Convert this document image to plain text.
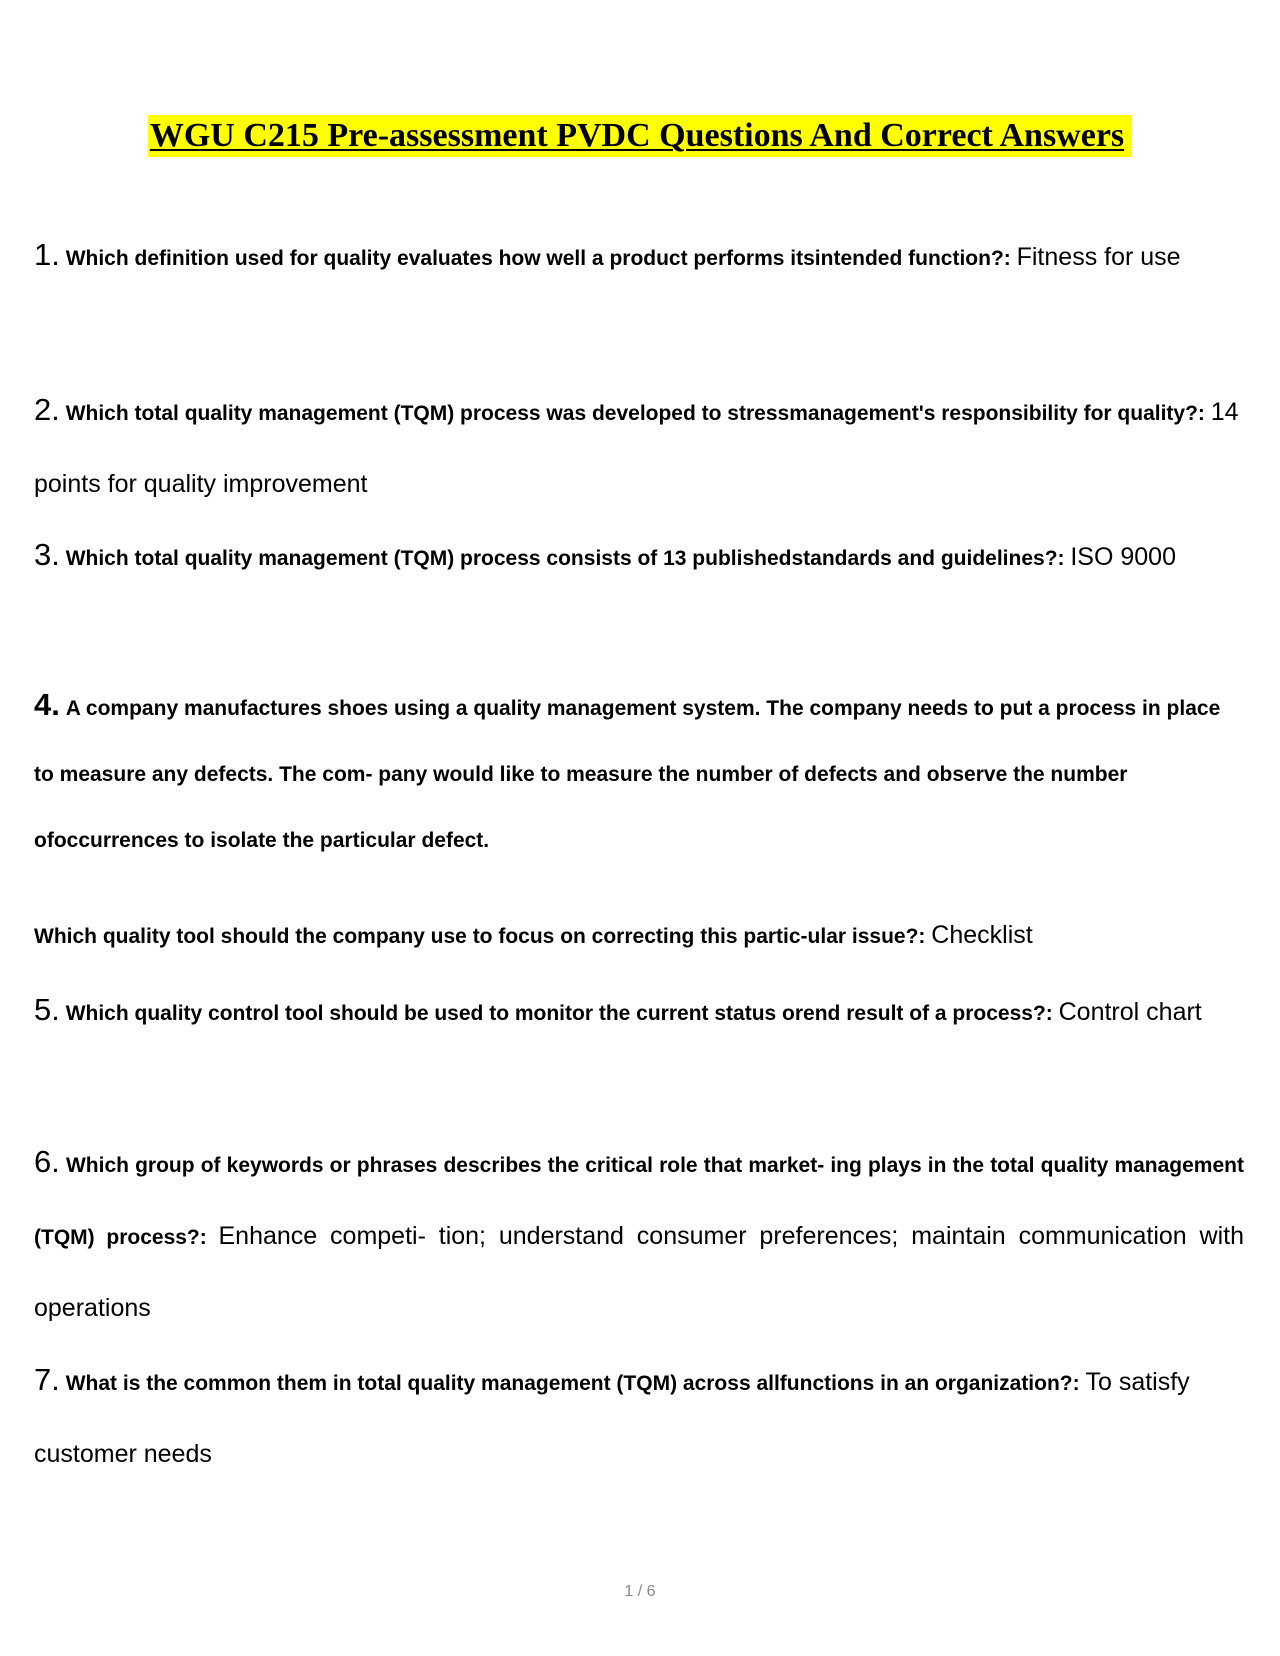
WGU C215 Pre-assessment PVDC Questions And Correct Answers
1. Which definition used for quality evaluates how well a product performs itsintended function?: Fitness for use
2. Which total quality management (TQM) process was developed to stressmanagement's responsibility for quality?: 14 points for quality improvement
3. Which total quality management (TQM) process consists of 13 publishedstandards and guidelines?: ISO 9000
4. A company manufactures shoes using a quality management system. The company needs to put a process in place to measure any defects. The com- pany would like to measure the number of defects and observe the number ofoccurrences to isolate the particular defect.
Which quality tool should the company use to focus on correcting this partic-ular issue?: Checklist
5. Which quality control tool should be used to monitor the current status orend result of a process?: Control chart
6. Which group of keywords or phrases describes the critical role that market- ing plays in the total quality management (TQM) process?: Enhance competi- tion; understand consumer preferences; maintain communication with operations
7. What is the common them in total quality management (TQM) across allfunctions in an organization?: To satisfy customer needs
1 / 6
